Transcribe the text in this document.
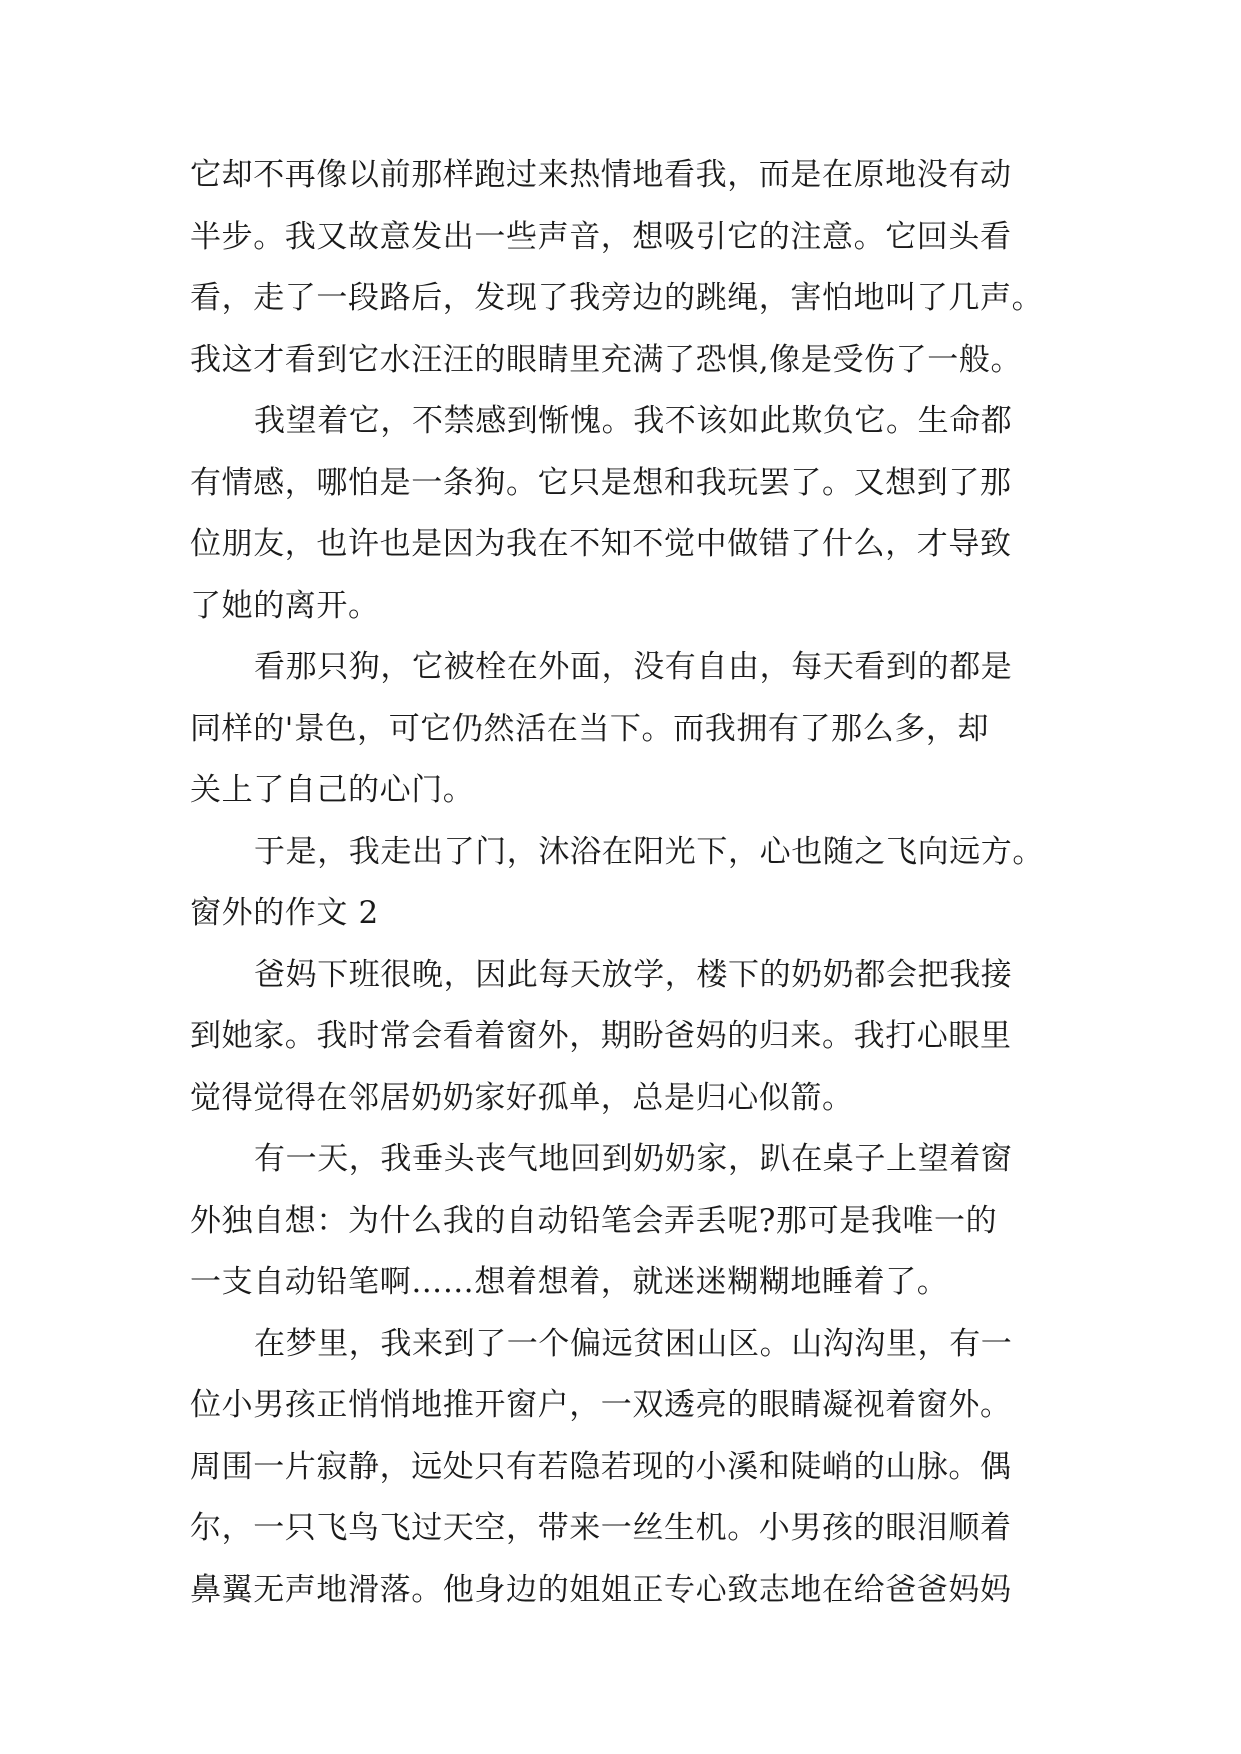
它却不再像以前那样跑过来热情地看我，而是在原地没有动
半步。我又故意发出一些声音，想吸引它的注意。它回头看
看，走了一段路后，发现了我旁边的跳绳，害怕地叫了几声。
我这才看到它水汪汪的眼睛里充满了恐惧,像是受伤了一般。
我望着它，不禁感到惭愧。我不该如此欺负它。生命都
有情感，哪怕是一条狗。它只是想和我玩罢了。又想到了那
位朋友，也许也是因为我在不知不觉中做错了什么，才导致
了她的离开。
看那只狗，它被栓在外面，没有自由，每天看到的都是
同样的'景色，可它仍然活在当下。而我拥有了那么多，却
关上了自己的心门。
于是，我走出了门，沐浴在阳光下，心也随之飞向远方。
窗外的作文 2
爸妈下班很晚，因此每天放学，楼下的奶奶都会把我接
到她家。我时常会看着窗外，期盼爸妈的归来。我打心眼里
觉得觉得在邻居奶奶家好孤单，总是归心似箭。
有一天，我垂头丧气地回到奶奶家，趴在桌子上望着窗
外独自想：为什么我的自动铅笔会弄丢呢?那可是我唯一的
一支自动铅笔啊……想着想着，就迷迷糊糊地睡着了。
在梦里，我来到了一个偏远贫困山区。山沟沟里，有一
位小男孩正悄悄地推开窗户，一双透亮的眼睛凝视着窗外。
周围一片寂静，远处只有若隐若现的小溪和陡峭的山脉。偶
尔，一只飞鸟飞过天空，带来一丝生机。小男孩的眼泪顺着
鼻翼无声地滑落。他身边的姐姐正专心致志地在给爸爸妈妈
